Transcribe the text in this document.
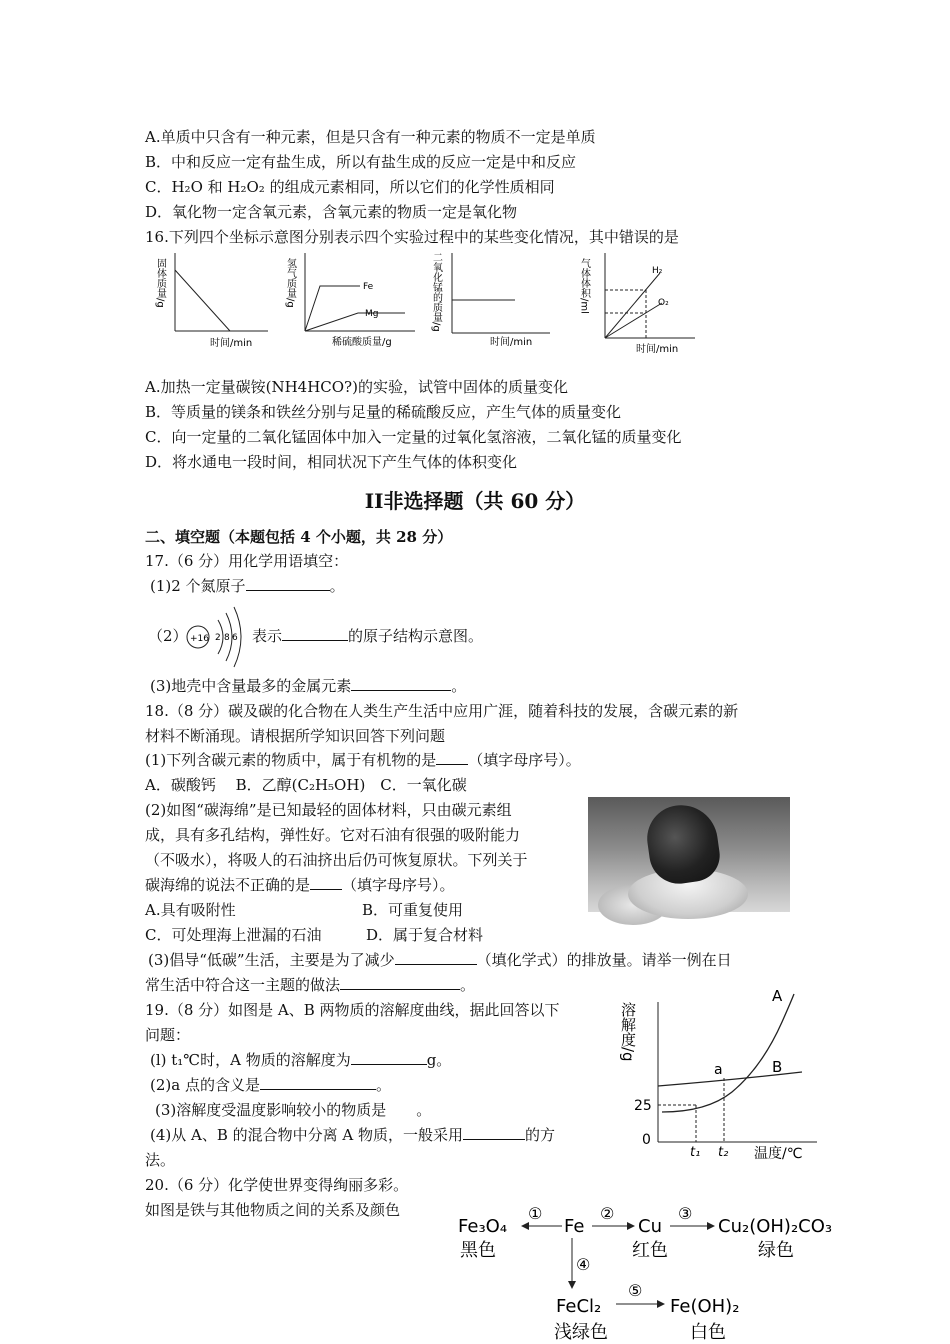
A.单质中只含有一种元素，但是只含有一种元素的物质不一定是单质
B．中和反应一定有盐生成，所以有盐生成的反应一定是中和反应
C．H₂O 和 H₂O₂ 的组成元素相同，所以它们的化学性质相同
D．氧化物一定含氧元素，含氧元素的物质一定是氧化物
16.下列四个坐标示意图分别表示四个实验过程中的某些变化情况，其中错误的是
固体质量/g
时间/min
氢气质量/g
稀硫酸质量/g
Fe
Mg	二氧化锰的质量/g
时间/min
气体体积/ml
时间/min
H₂
O₂
A.加热一定量碳铵(NH4HCO?)的实验，试管中固体的质量变化
B．等质量的镁条和铁丝分别与足量的稀硫酸反应，产生气体的质量变化
C．向一定量的二氧化锰固体中加入一定量的过氧化氢溶液，二氧化锰的质量变化
D．将水通电一段时间，相同状况下产生气体的体积变化
II非选择题（共 60 分）
二、填空题（本题包括 4 个小题，共 28 分）
17.（6 分）用化学用语填空：
(1)2 个氮原子	。
（2） +16 2 8 6 表示	的原子结构示意图。
(3)地壳中含量最多的金属元素	。
18.（8 分）碳及碳的化合物在人类生产生活中应用广涯，随着科技的发展，含碳元素的新
材料不断涌现。请根据所学知识回答下列问题
(1)下列含碳元素的物质中，属于有机物的是 （填字母序号）。
A．碳酸钙　 B．乙醇(C₂H₅OH)　C．一氧化碳
(2)如图“碳海绵”是已知最轻的固体材料，只由碳元素组
成，具有多孔结构，弹性好。它对石油有很强的吸附能力
（不吸水），将吸人的石油挤出后仍可恢复原状。下列关于
碳海绵的说法不正确的是 （填字母序号）。
A.具有吸附性	B．可重复使用
C．可处理海上泄漏的石油	D．属于复合材料
(3)倡导“低碳”生活，主要是为了减少	（填化学式）的排放量。请举一例在日
常生活中符合这一主题的做法	。
19.（8 分）如图是 A、B 两物质的溶解度曲线，据此回答以下
问题：
(l) t₁℃时，A 物质的溶解度为	g。
(2)a 点的含义是	。
(3)溶解度受温度影响较小的物质是　　。
(4)从 A、B 的混合物中分离 A 物质，一般采用	的方
法。
溶解度/g
0
25
t₁ t₂ 温度/℃
A
B
a
20.（6 分）化学使世界变得绚丽多彩。
如图是铁与其他物质之间的关系及颜色
Fe₃O₄
黑色
①
Fe
②
Cu
红色
③
Cu₂(OH)₂CO₃
绿色
④
FeCl₂
浅绿色
⑤
Fe(OH)₂
白色
